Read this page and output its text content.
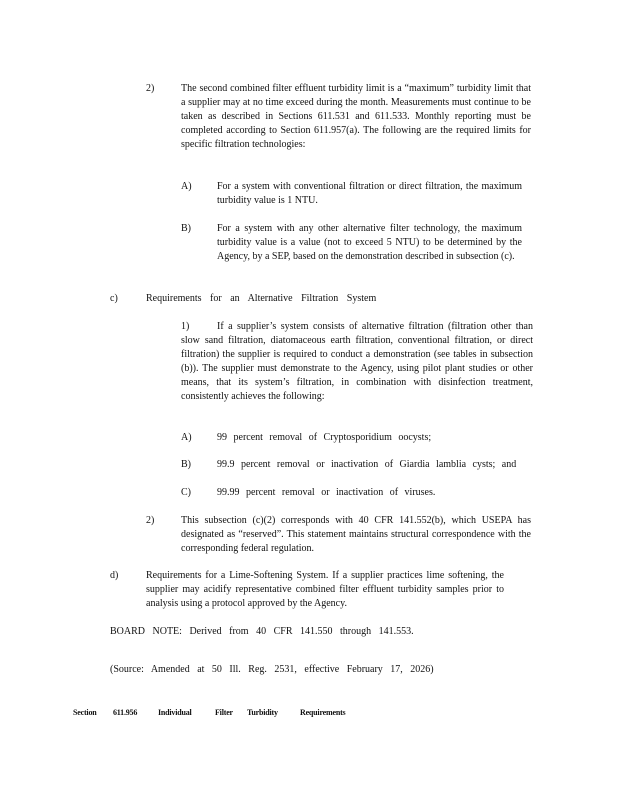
2)	The second combined filter effluent turbidity limit is a “maximum” turbidity limit that a supplier may at no time exceed during the month. Measurements must continue to be taken as described in Sections 611.531 and 611.533. Monthly reporting must be completed according to Section 611.957(a). The following are the required limits for specific filtration technologies:
A)	For a system with conventional filtration or direct filtration, the maximum turbidity value is 1 NTU.
B)	For a system with any other alternative filter technology, the maximum turbidity value is a value (not to exceed 5 NTU) to be determined by the Agency, by a SEP, based on the demonstration described in subsection (c).
c)	Requirements for an Alternative Filtration System
1)	If a supplier’s system consists of alternative filtration (filtration other than slow sand filtration, diatomaceous earth filtration, conventional filtration, or direct filtration) the supplier is required to conduct a demonstration (see tables in subsection (b)). The supplier must demonstrate to the Agency, using pilot plant studies or other means, that its system’s filtration, in combination with disinfection treatment, consistently achieves the following:
A)	99 percent removal of Cryptosporidium oocysts;
B)	99.9 percent removal or inactivation of Giardia lamblia cysts; and
C)	99.99 percent removal or inactivation of viruses.
2)	This subsection (c)(2) corresponds with 40 CFR 141.552(b), which USEPA has designated as “reserved”. This statement maintains structural correspondence with the corresponding federal regulation.
d)	Requirements for a Lime-Softening System. If a supplier practices lime softening, the supplier may acidify representative combined filter effluent turbidity samples prior to analysis using a protocol approved by the Agency.
BOARD NOTE: Derived from 40 CFR 141.550 through 141.553.
(Source: Amended at 50 Ill. Reg. 2531, effective February 17, 2026)
Section 611.956	Individual	Filter Turbidity	Requirements
